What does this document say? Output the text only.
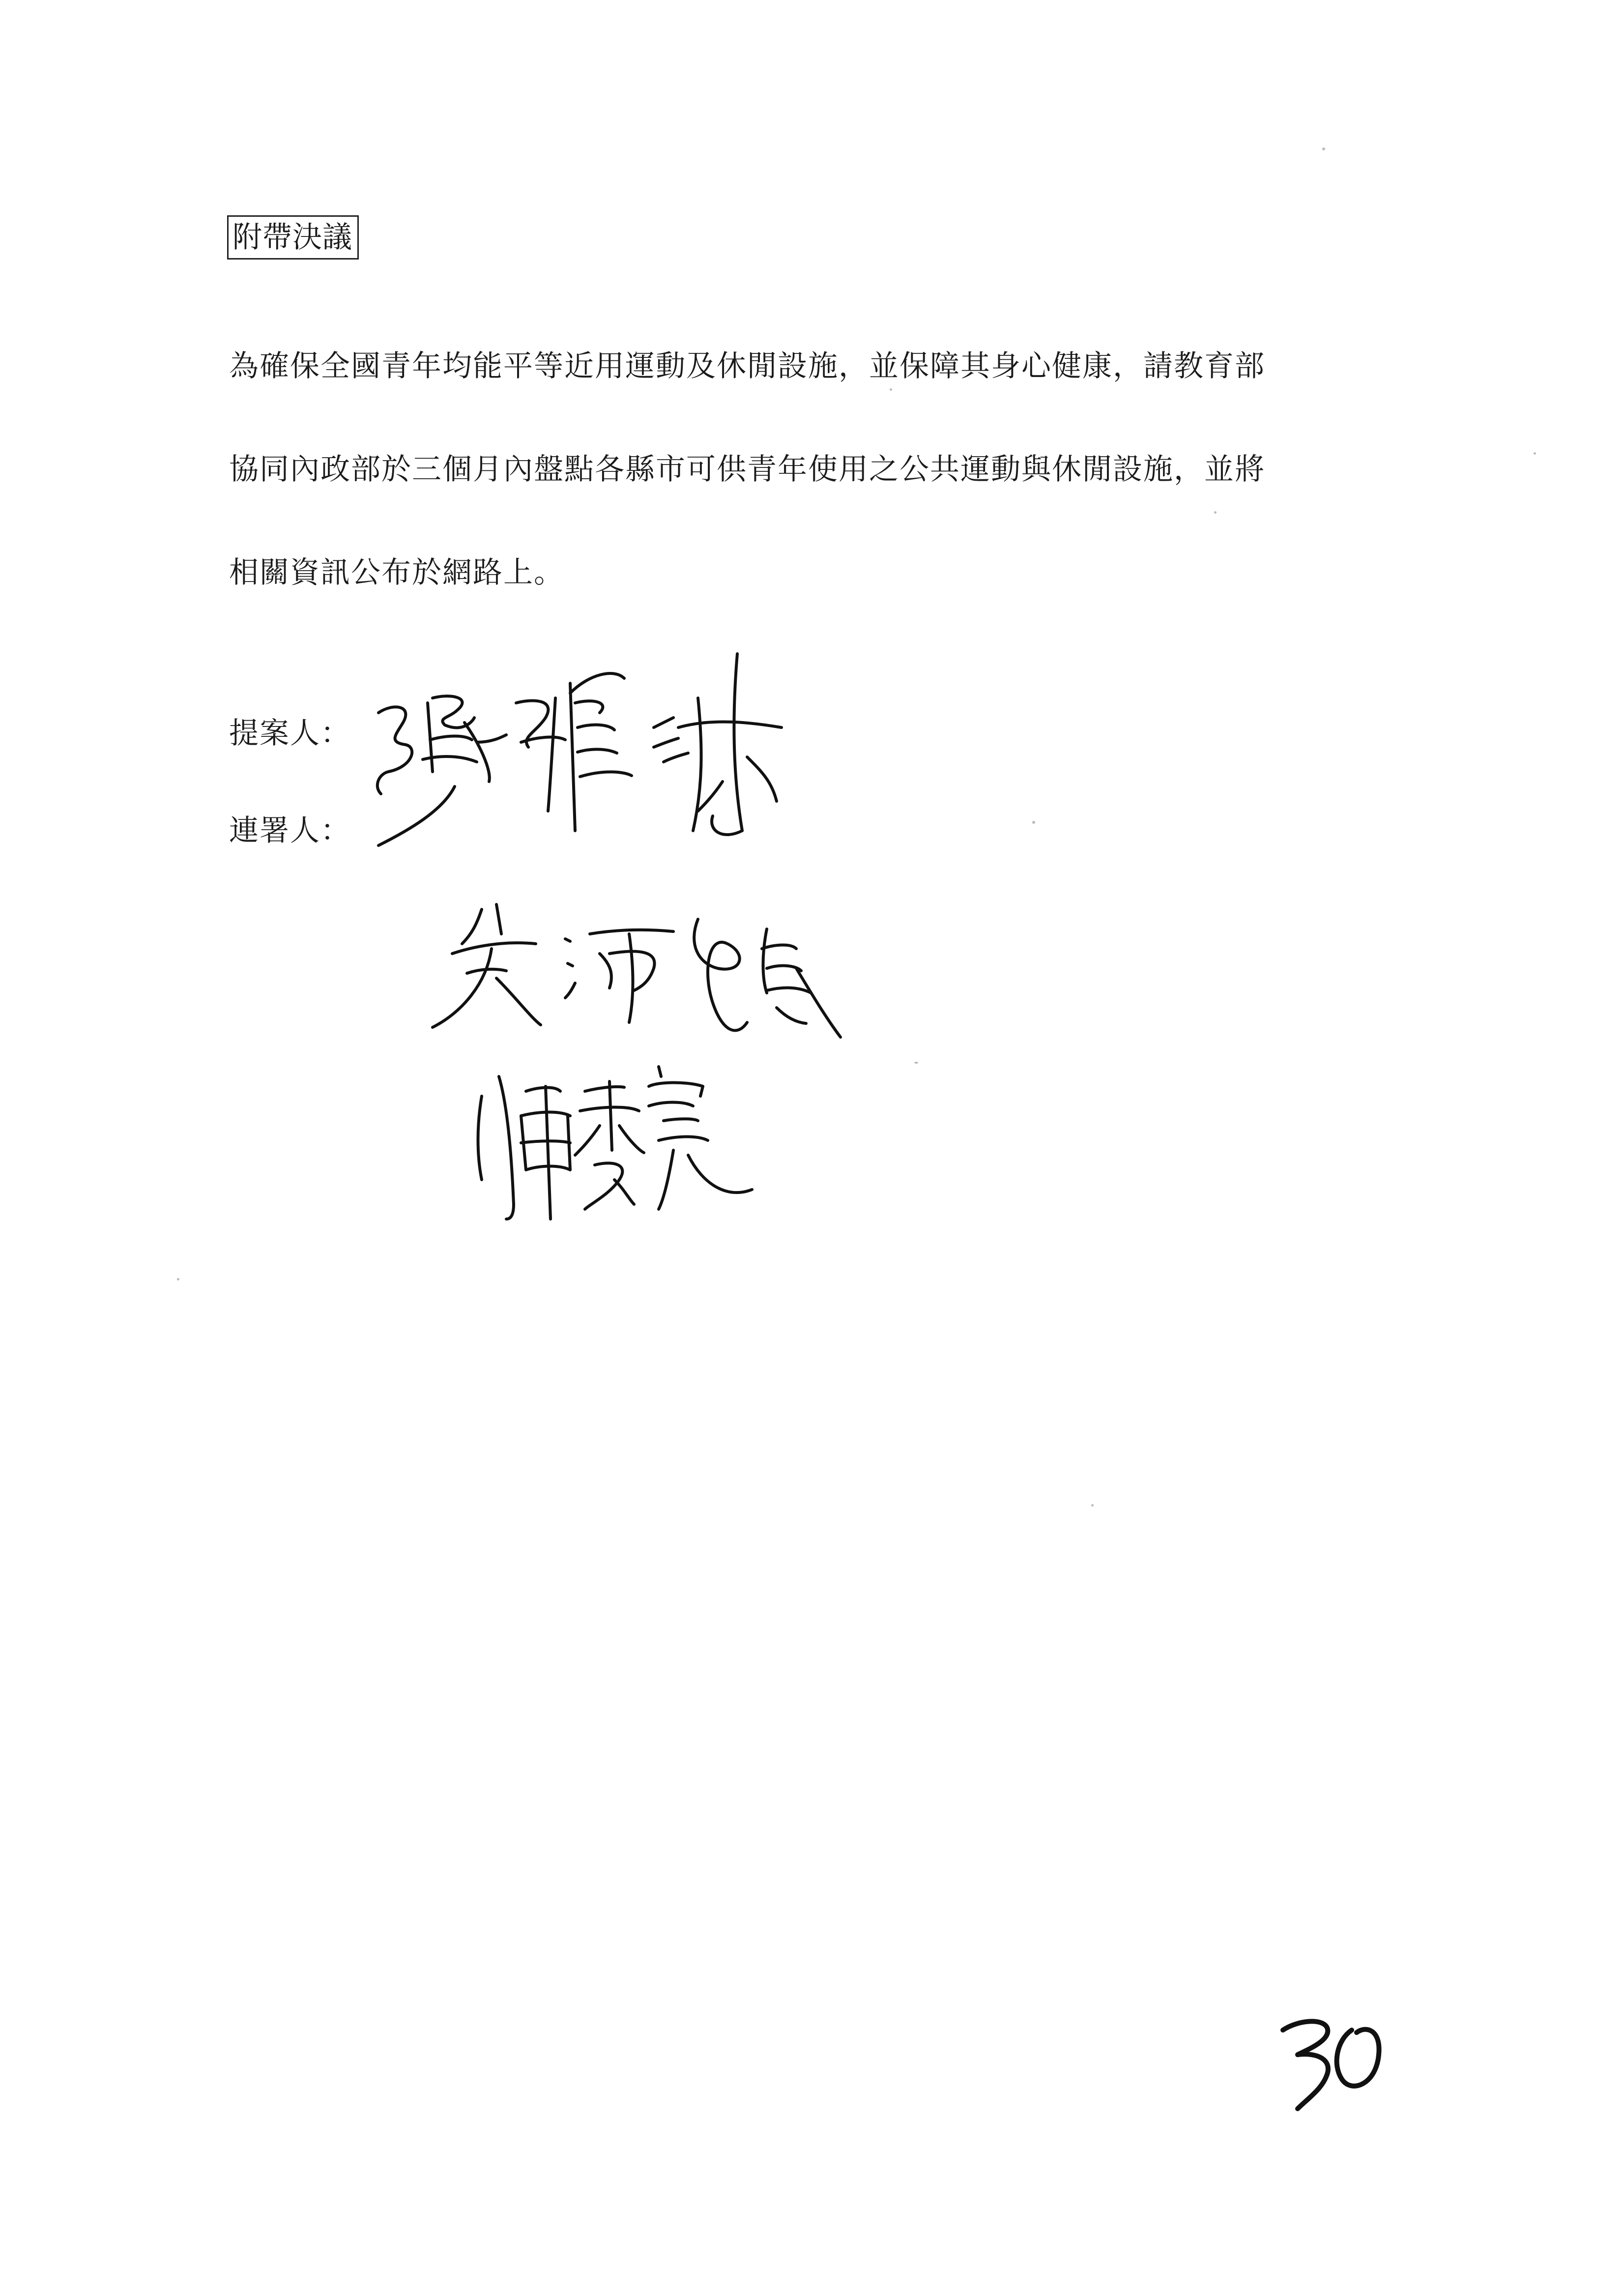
附帶決議

為確保全國青年均能平等近用運動及休閒設施，並保障其身心健康，請教育部
協同內政部於三個月內盤點各縣市可供青年使用之公共運動與休閒設施，並將
相關資訊公布於網路上。

提案人：
連署人：
